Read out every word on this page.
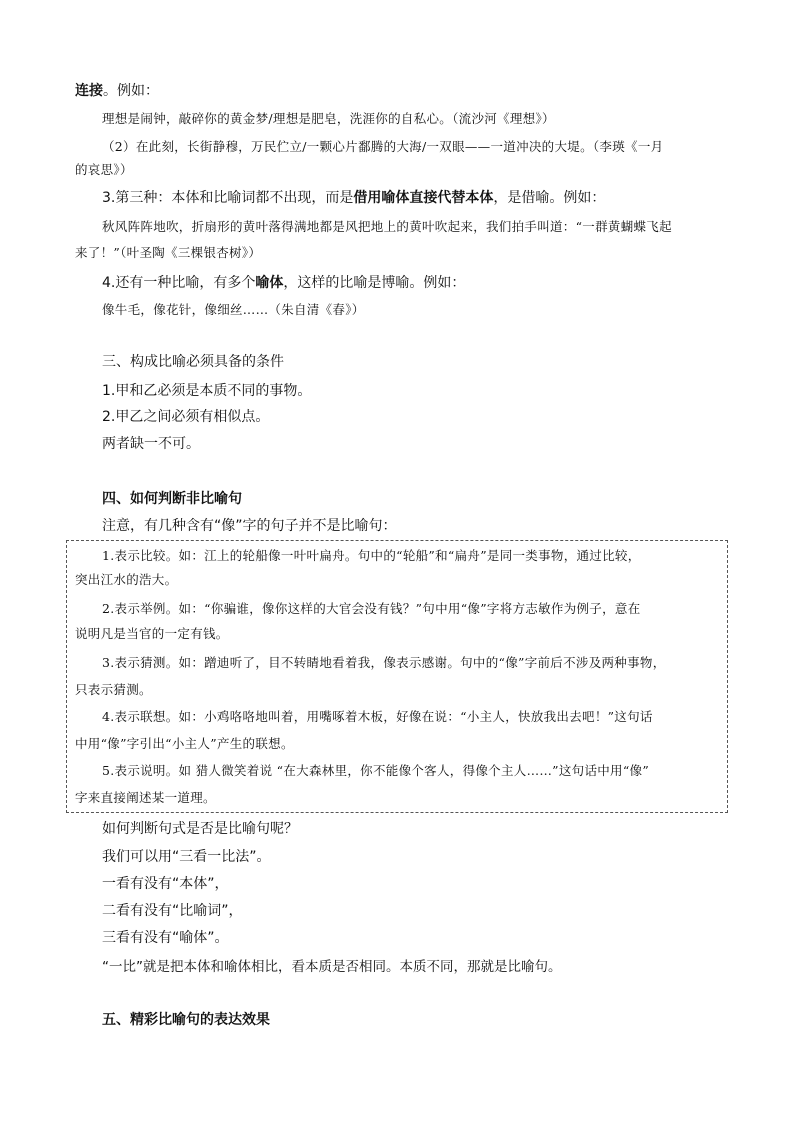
连接。例如：
理想是闹钟，敲碎你的黄金梦/理想是肥皂，洗涯你的自私心。（流沙河《理想》）
（2）在此刻，长街静穆，万民伫立/一颗心片鄱腾的大海/一双眼——一道冲决的大堤。（李瑛《一月
的哀思》）
3.第三种：本体和比喻词都不出现，而是借用喻体直接代替本体，是借喻。例如：
秋风阵阵地吹，折扇形的黄叶落得满地都是风把地上的黄叶吹起来，我们拍手叫道：“一群黄蝴蝶飞起
来了！”（叶圣陶《三棵银杏树》）
4.还有一种比喻，有多个喻体，这样的比喻是博喻。例如：
像牛毛，像花针，像细丝……（朱自清《春》）
三、构成比喻必须具备的条件
1.甲和乙必须是本质不同的事物。
2.甲乙之间必须有相似点。
两者缺一不可。
四、如何判断非比喻句
注意，有几种含有“像”字的句子并不是比喻句：
1.表示比较。如：江上的轮船像一叶叶扁舟。句中的“轮船”和“扁舟”是同一类事物，通过比较，
突出江水的浩大。
2.表示举例。如：“你骗谁，像你这样的大官会没有钱？”句中用“像”字将方志敏作为例子，意在
说明凡是当官的一定有钱。
3.表示猜测。如：蹭迪听了，目不转睛地看着我，像表示感谢。句中的“像”字前后不涉及两种事物，
只表示猜测。
4.表示联想。如：小鸡咯咯地叫着，用嘴啄着木板，好像在说：“小主人，快放我出去吧！”这句话
中用“像”字引出“小主人”产生的联想。
5.表示说明。如 猎人微笑着说 “在大森林里，你不能像个客人，得像个主人……”这句话中用“像”
字来直接阐述某一道理。
如何判断句式是否是比喻句呢？
我们可以用“三看一比法”。
一看有没有“本体”，
二看有没有“比喻词”，
三看有没有“喻体”。
“一比”就是把本体和喻体相比，看本质是否相同。本质不同，那就是比喻句。
五、精彩比喻句的表达效果
